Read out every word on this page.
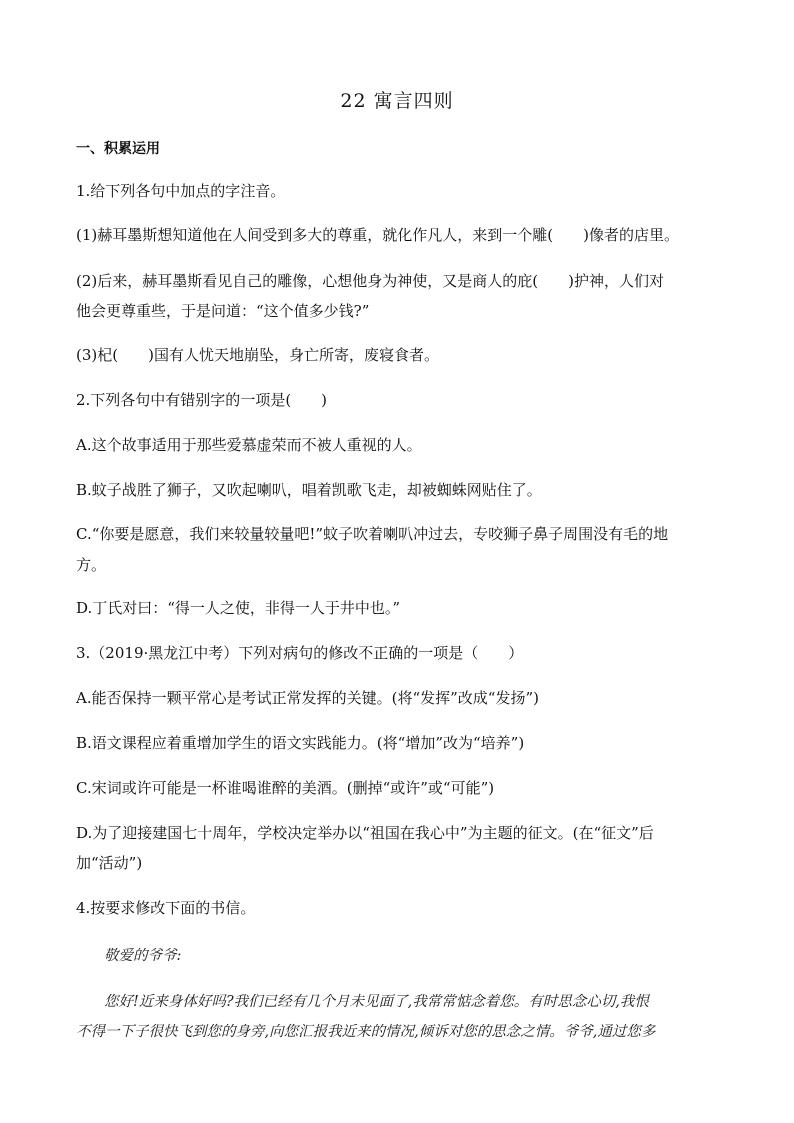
22 寓言四则
一、积累运用
1.给下列各句中加点的字注音。
(1)赫耳墨斯想知道他在人间受到多大的尊重，就化作凡人，来到一个雕(　　)像者的店里。
(2)后来，赫耳墨斯看见自己的雕像，心想他身为神使，又是商人的庇(　　)护神，人们对
他会更尊重些，于是问道：“这个值多少钱?”
(3)杞(　　)国有人忧天地崩坠，身亡所寄，废寝食者。
2.下列各句中有错别字的一项是(　　)
A.这个故事适用于那些爱慕虚荣而不被人重视的人。
B.蚊子战胜了狮子，又吹起喇叭，唱着凯歌飞走，却被蜘蛛网贴住了。
C.“你要是愿意，我们来较量较量吧!”蚊子吹着喇叭冲过去，专咬狮子鼻子周围没有毛的地
方。
D.丁氏对曰：“得一人之使，非得一人于井中也。”
3.（2019·黑龙江中考）下列对病句的修改不正确的一项是（　　）
A.能否保持一颗平常心是考试正常发挥的关键。(将“发挥”改成“发扬”)
B.语文课程应着重增加学生的语文实践能力。(将“增加”改为“培养”)
C.宋词或许可能是一杯谁喝谁醉的美酒。(删掉“或许”或“可能”)
D.为了迎接建国七十周年，学校决定举办以“祖国在我心中”为主题的征文。(在“征文”后
加“活动”)
4.按要求修改下面的书信。
敬爱的爷爷:
您好!近来身体好吗?我们已经有几个月未见面了,我常常惦念着您。有时思念心切,我恨
不得一下子很快飞到您的身旁,向您汇报我近来的情况,倾诉对您的思念之情。爷爷,通过您多
